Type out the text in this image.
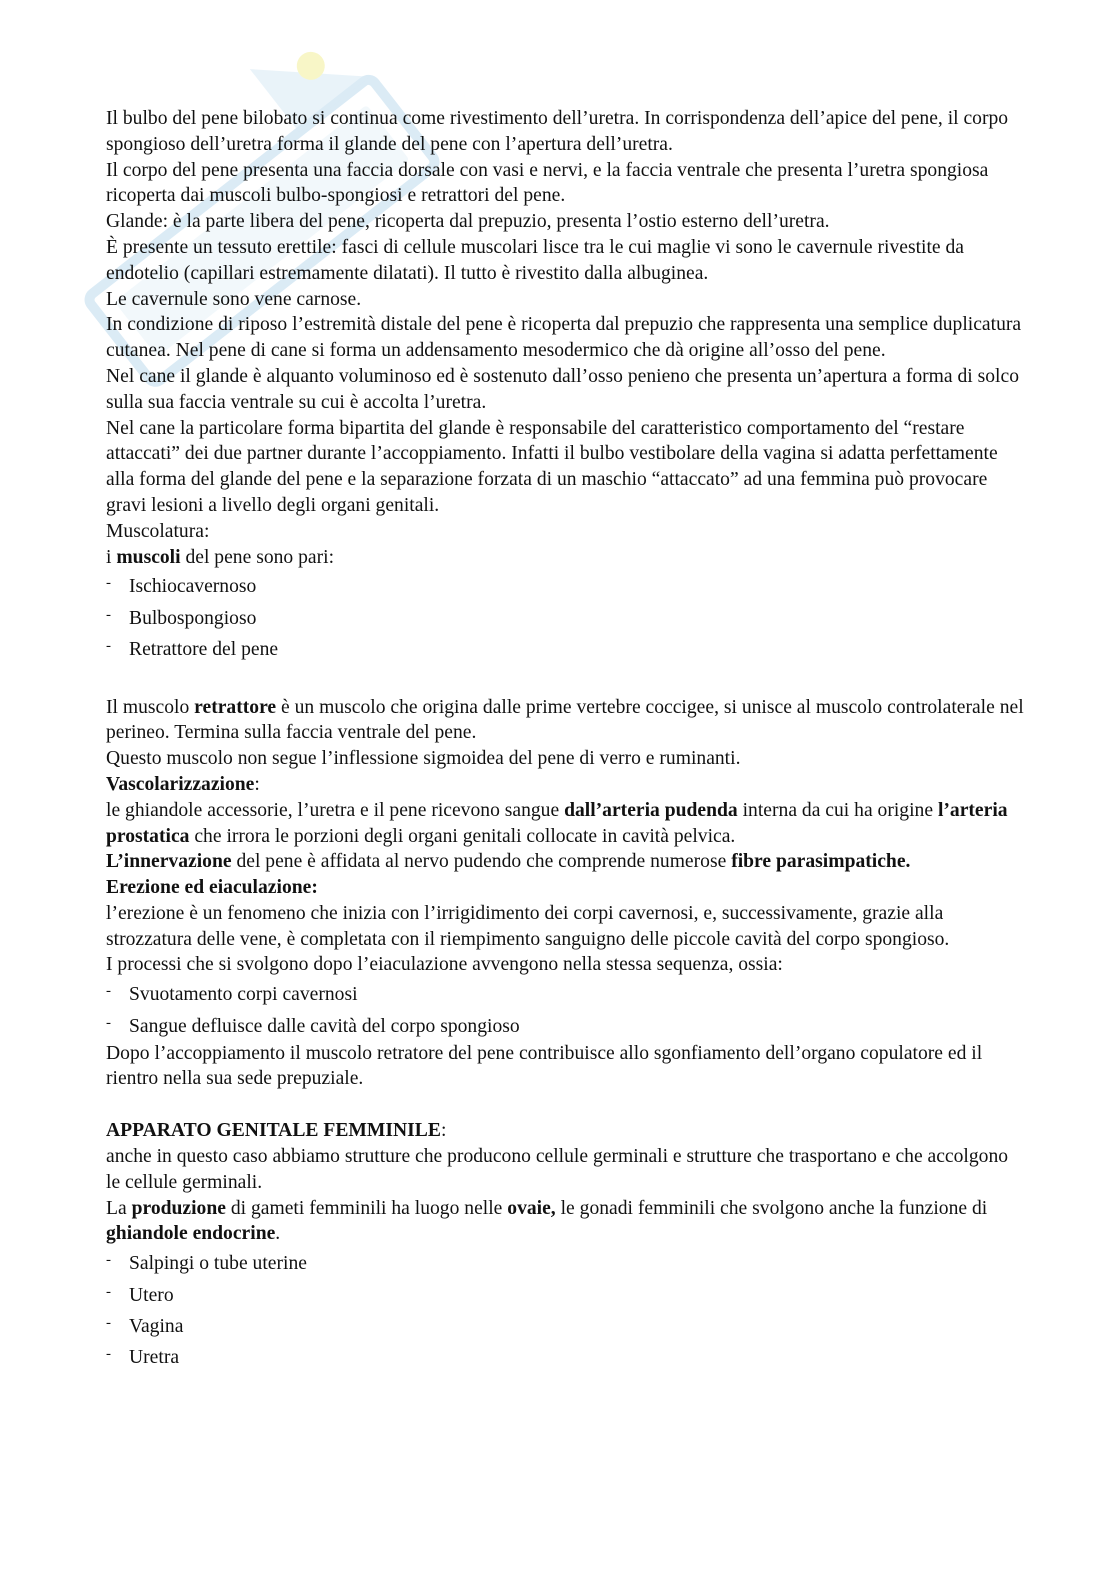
Il bulbo del pene bilobato si continua come rivestimento dell’uretra. In corrispondenza dell’apice del pene, il corpo spongioso dell’uretra forma il glande del pene con l’apertura dell’uretra.

Il corpo del pene presenta una faccia dorsale con vasi e nervi, e la faccia ventrale che presenta l’uretra spongiosa ricoperta dai muscoli bulbo-spongiosi e retrattori del pene.

Glande: è la parte libera del pene, ricoperta dal prepuzio, presenta l’ostio esterno dell’uretra.

È presente un tessuto erettile: fasci di cellule muscolari lisce tra le cui maglie vi sono le cavernule rivestite da endotelio (capillari estremamente dilatati). Il tutto è rivestito dalla albuginea.

Le cavernule sono vene carnose.

In condizione di riposo l’estremità distale del pene è ricoperta dal prepuzio che rappresenta una semplice duplicatura cutanea. Nel pene di cane si forma un addensamento mesodermico che dà origine all’osso del pene.

Nel cane il glande è alquanto voluminoso ed è sostenuto dall’osso penieno che presenta un’apertura a forma di solco sulla sua faccia ventrale su cui è accolta l’uretra.

Nel cane la particolare forma bipartita del glande è responsabile del caratteristico comportamento del “restare attaccati” dei due partner durante l’accoppiamento. Infatti il bulbo vestibolare della vagina si adatta perfettamente alla forma del glande del pene e la separazione forzata di un maschio “attaccato” ad una femmina può provocare gravi lesioni a livello degli organi genitali.

Muscolatura:

i muscoli del pene sono pari:

- Ischiocavernoso
- Bulbospongioso
- Retrattore del pene

Il muscolo retrattore è un muscolo che origina dalle prime vertebre coccigee, si unisce al muscolo controlaterale nel perineo. Termina sulla faccia ventrale del pene.

Questo muscolo non segue l’inflessione sigmoidea del pene di verro e ruminanti.

Vascolarizzazione:

le ghiandole accessorie, l’uretra e il pene ricevono sangue dall’arteria pudenda interna da cui ha origine l’arteria prostatica che irrora le porzioni degli organi genitali collocate in cavità pelvica.

L’innervazione del pene è affidata al nervo pudendo che comprende numerose fibre parasimpatiche.

Erezione ed eiaculazione:

l’erezione è un fenomeno che inizia con l’irrigidimento dei corpi cavernosi, e, successivamente, grazie alla strozzatura delle vene, è completata con il riempimento sanguigno delle piccole cavità del corpo spongioso.

I processi che si svolgono dopo l’eiaculazione avvengono nella stessa sequenza, ossia:

- Svuotamento corpi cavernosi
- Sangue defluisce dalle cavità del corpo spongioso

Dopo l’accoppiamento il muscolo retratore del pene contribuisce allo sgonfiamento dell’organo copulatore ed il rientro nella sua sede prepuziale.

APPARATO GENITALE FEMMINILE:

anche in questo caso abbiamo strutture che producono cellule germinali e strutture che trasportano e che accolgono le cellule germinali.

La produzione di gameti femminili ha luogo nelle ovaie, le gonadi femminili che svolgono anche la funzione di ghiandole endocrine.

- Salpingi o tube uterine
- Utero
- Vagina
- Uretra
